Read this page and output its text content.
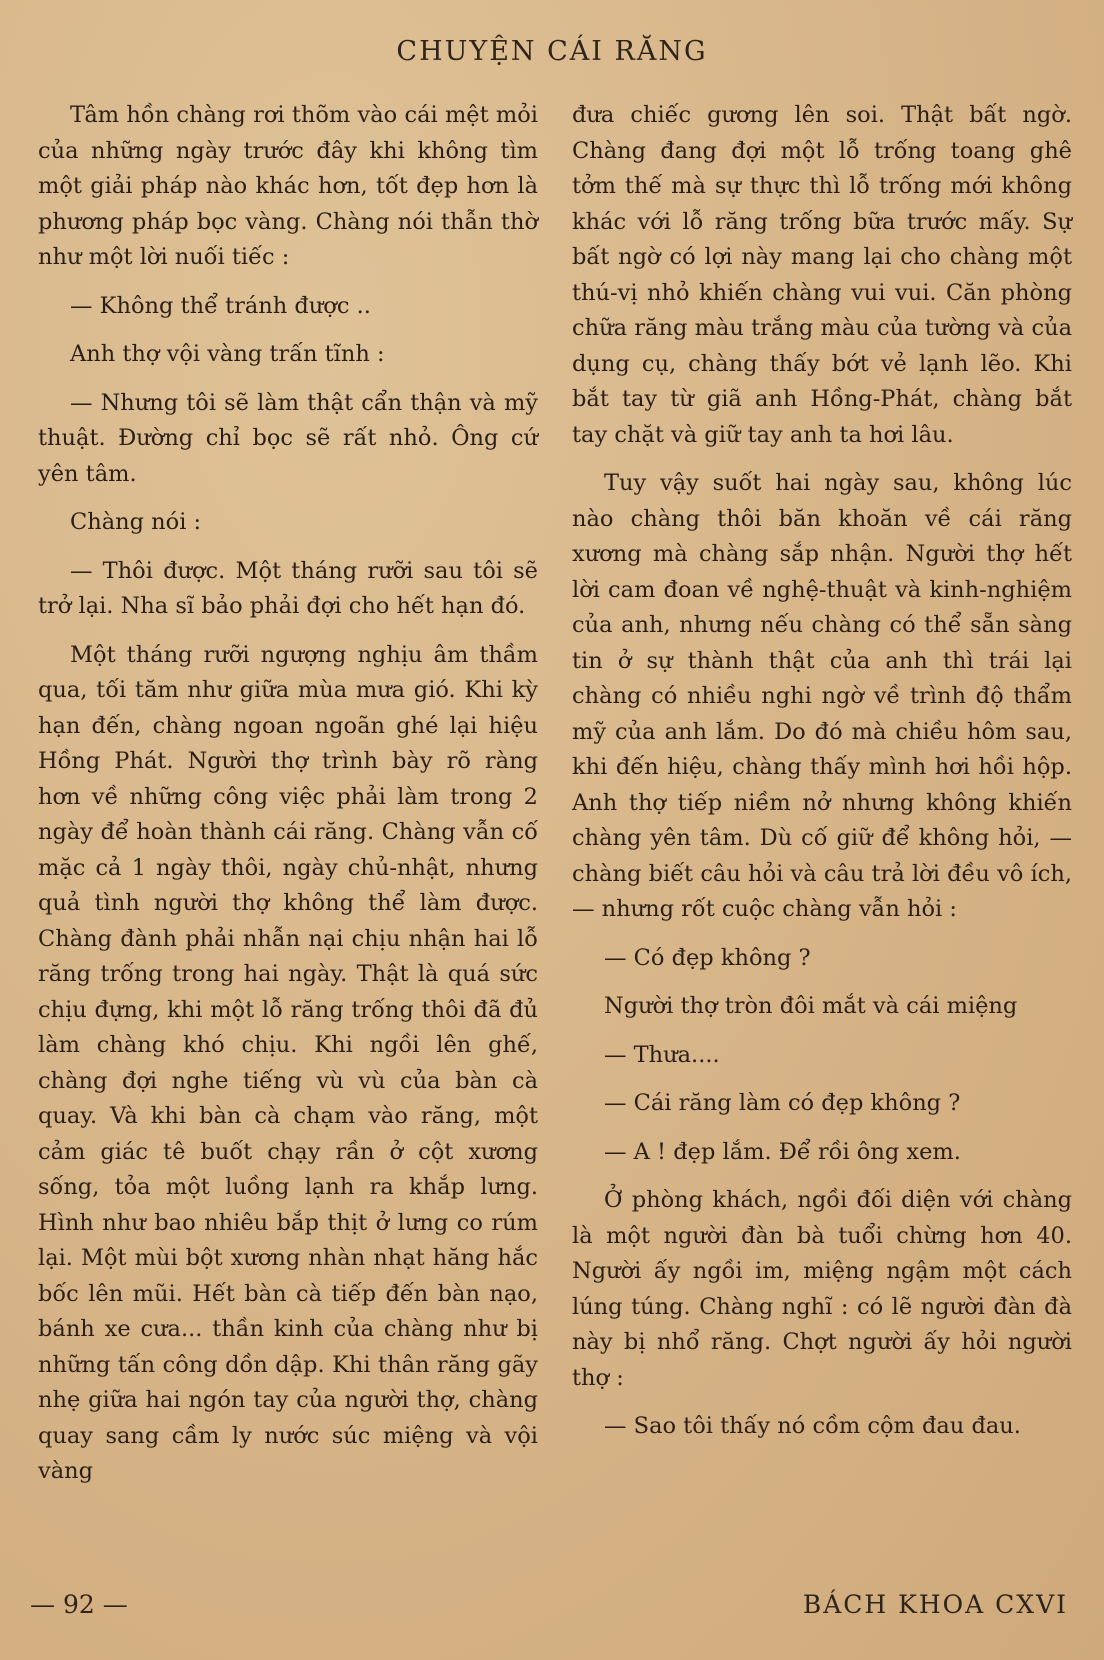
CHUYỆN CÁI RĂNG

Tâm hồn chàng rơi thõm vào cái mệt mỏi của những ngày trước đây khi không tìm một giải pháp nào khác hơn, tốt đẹp hơn là phương pháp bọc vàng. Chàng nói thẫn thờ như một lời nuối tiếc :

— Không thể tránh được ..

Anh thợ vội vàng trấn tĩnh :

— Nhưng tôi sẽ làm thật cẩn thận và mỹ thuật. Đường chỉ bọc sẽ rất nhỏ. Ông cứ yên tâm.

Chàng nói :

— Thôi được. Một tháng rưỡi sau tôi sẽ trở lại. Nha sĩ bảo phải đợi cho hết hạn đó.

Một tháng rưỡi ngượng nghịu âm thầm qua, tối tăm như giữa mùa mưa gió. Khi kỳ hạn đến, chàng ngoan ngoãn ghé lại hiệu Hồng Phát. Người thợ trình bày rõ ràng hơn về những công việc phải làm trong 2 ngày để hoàn thành cái răng. Chàng vẫn cố mặc cả 1 ngày thôi, ngày chủ-nhật, nhưng quả tình người thợ không thể làm được. Chàng đành phải nhẫn nại chịu nhận hai lỗ răng trống trong hai ngày. Thật là quá sức chịu đựng, khi một lỗ răng trống thôi đã đủ làm chàng khó chịu. Khi ngồi lên ghế, chàng đợi nghe tiếng vù vù của bàn cà quay. Và khi bàn cà chạm vào răng, một cảm giác tê buốt chạy rần ở cột xương sống, tỏa một luồng lạnh ra khắp lưng. Hình như bao nhiêu bắp thịt ở lưng co rúm lại. Một mùi bột xương nhàn nhạt hăng hắc bốc lên mũi. Hết bàn cà tiếp đến bàn nạo, bánh xe cưa... thần kinh của chàng như bị những tấn công dồn dập. Khi thân răng gãy nhẹ giữa hai ngón tay của người thợ, chàng quay sang cầm ly nước súc miệng và vội vàng

đưa chiếc gương lên soi. Thật bất ngờ. Chàng đang đợi một lỗ trống toang ghê tởm thế mà sự thực thì lỗ trống mới không khác với lỗ răng trống bữa trước mấy. Sự bất ngờ có lợi này mang lại cho chàng một thú-vị nhỏ khiến chàng vui vui. Căn phòng chữa răng màu trắng màu của tường và của dụng cụ, chàng thấy bớt vẻ lạnh lẽo. Khi bắt tay từ giã anh Hồng-Phát, chàng bắt tay chặt và giữ tay anh ta hơi lâu.

Tuy vậy suốt hai ngày sau, không lúc nào chàng thôi băn khoăn về cái răng xương mà chàng sắp nhận. Người thợ hết lời cam đoan về nghệ-thuật và kinh-nghiệm của anh, nhưng nếu chàng có thể sẵn sàng tin ở sự thành thật của anh thì trái lại chàng có nhiều nghi ngờ về trình độ thẩm mỹ của anh lắm. Do đó mà chiều hôm sau, khi đến hiệu, chàng thấy mình hơi hồi hộp. Anh thợ tiếp niềm nở nhưng không khiến chàng yên tâm. Dù cố giữ để không hỏi, — chàng biết câu hỏi và câu trả lời đều vô ích, — nhưng rốt cuộc chàng vẫn hỏi :

— Có đẹp không ?

Người thợ tròn đôi mắt và cái miệng

— Thưa....

— Cái răng làm có đẹp không ?

— A ! đẹp lắm. Để rồi ông xem.

Ở phòng khách, ngồi đối diện với chàng là một người đàn bà tuổi chừng hơn 40. Người ấy ngồi im, miệng ngậm một cách lúng túng. Chàng nghĩ : có lẽ người đàn đà này bị nhổ răng. Chợt người ấy hỏi người thợ :

— Sao tôi thấy nó cồm cộm đau đau.

— 92 —	BÁCH KHOA CXVI
